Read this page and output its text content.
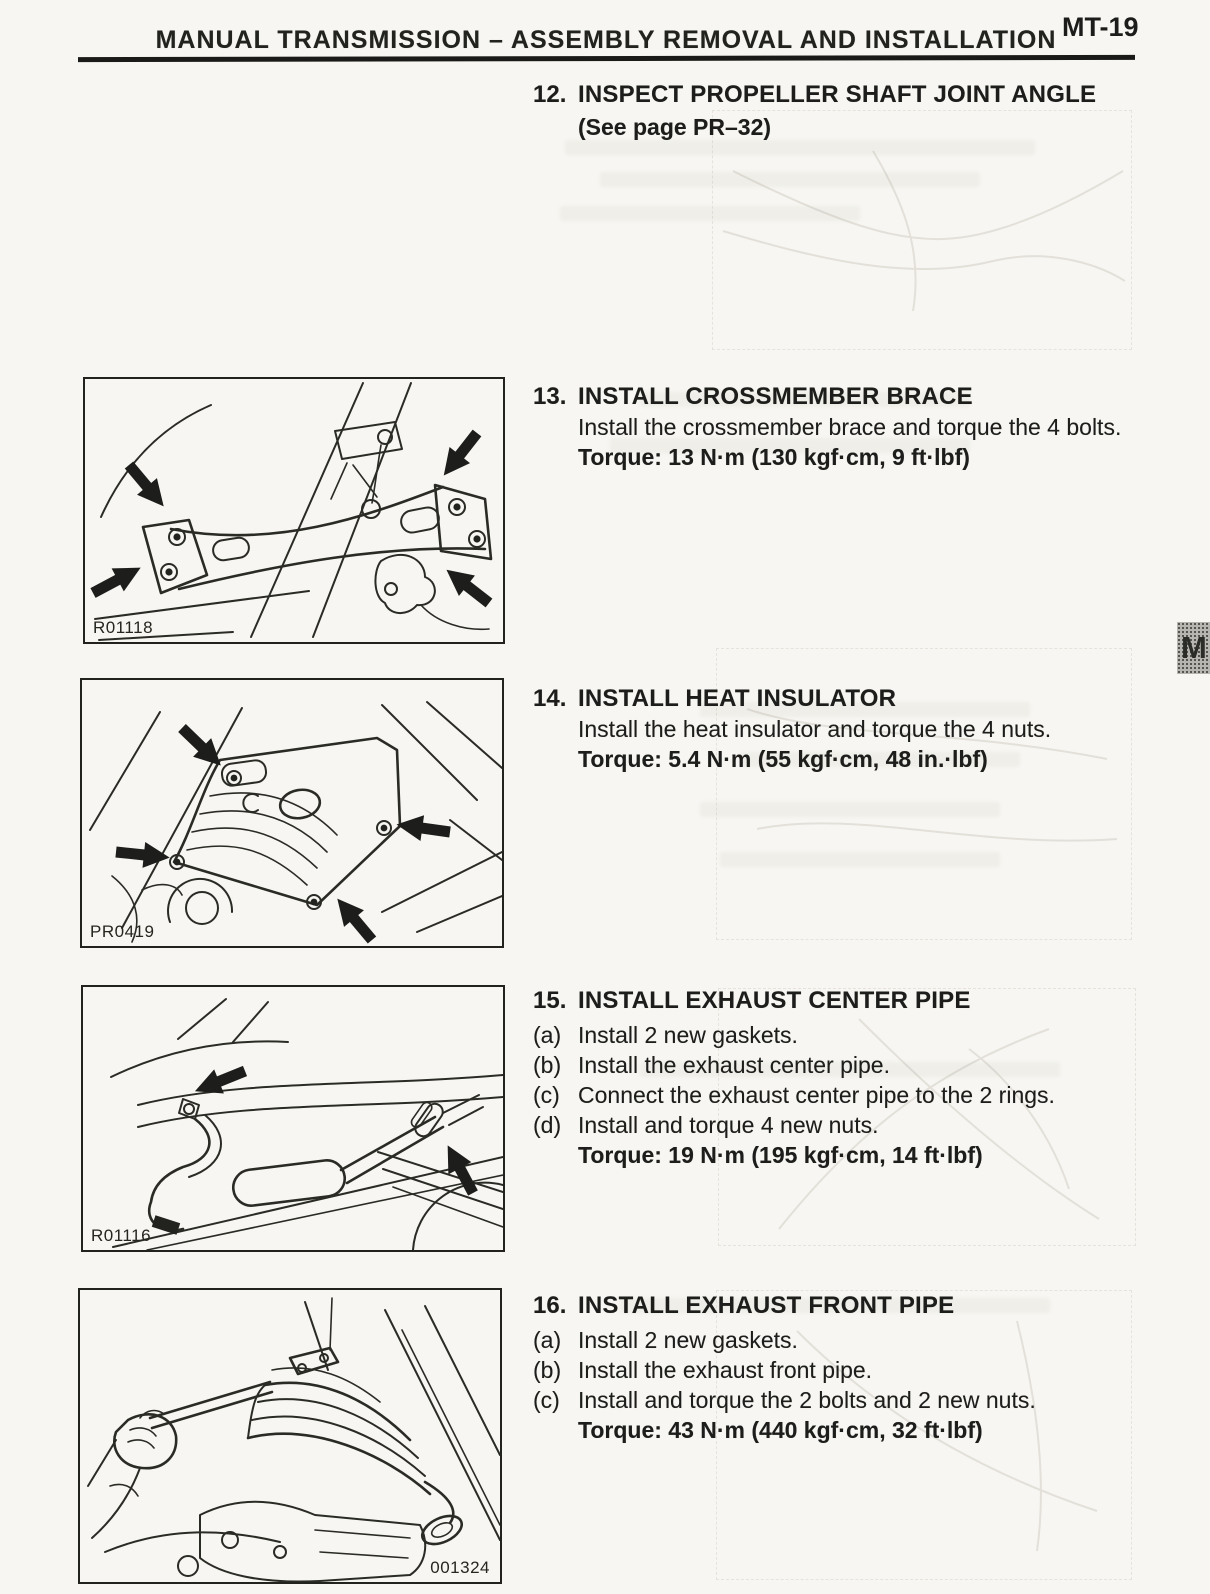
MANUAL TRANSMISSION – ASSEMBLY REMOVAL AND INSTALLATION MT-19
M
R01118
PR0419
R01116
001324
12. INSPECT PROPELLER SHAFT JOINT ANGLE
(See page PR–32)
13. INSTALL CROSSMEMBER BRACE
Install the crossmember brace and torque the 4 bolts.
Torque: 13 N·m (130 kgf·cm, 9 ft·lbf)
14. INSTALL HEAT INSULATOR
Install the heat insulator and torque the 4 nuts.
Torque: 5.4 N·m (55 kgf·cm, 48 in.·lbf)
15. INSTALL EXHAUST CENTER PIPE
(a) Install 2 new gaskets.
(b) Install the exhaust center pipe.
(c) Connect the exhaust center pipe to the 2 rings.
(d) Install and torque 4 new nuts.
Torque: 19 N·m (195 kgf·cm, 14 ft·lbf)
16. INSTALL EXHAUST FRONT PIPE
(a) Install 2 new gaskets.
(b) Install the exhaust front pipe.
(c) Install and torque the 2 bolts and 2 new nuts.
Torque: 43 N·m (440 kgf·cm, 32 ft·lbf)
